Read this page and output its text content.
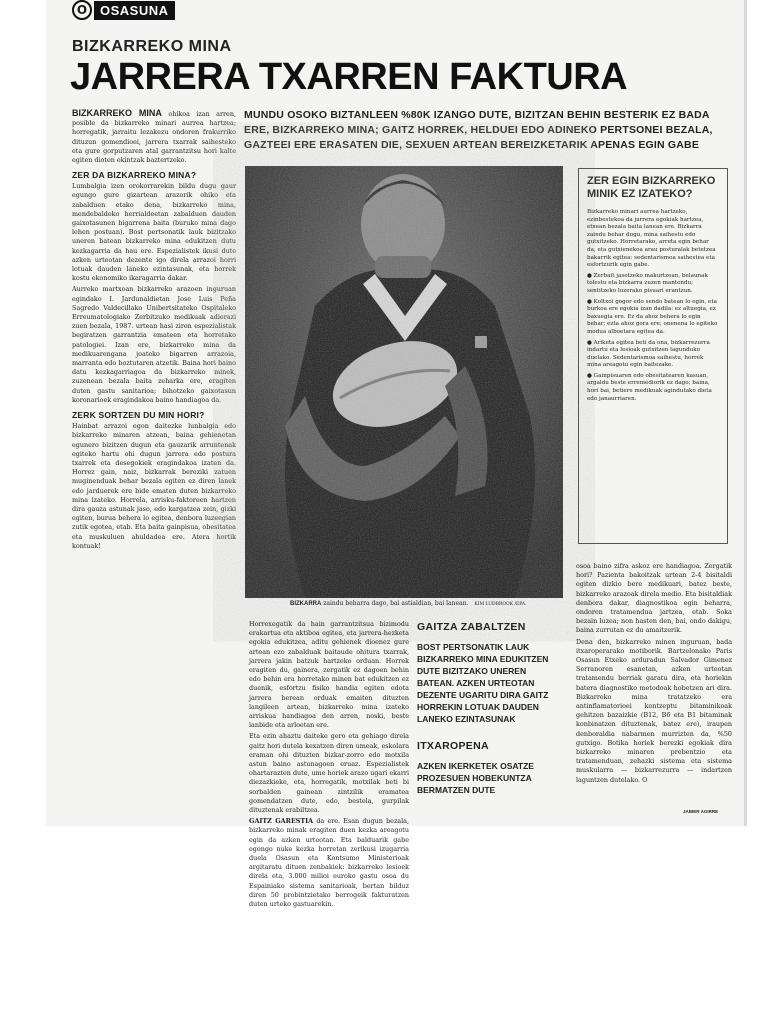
O OSASUNA
BIZKARREKO MINA
JARRERA TXARREN FAKTURA
MUNDU OSOKO BIZTANLEEN %80K IZANGO DUTE, BIZITZAN BEHIN BESTERIK EZ BADA ERE, BIZKARREKO MINA; GAITZ HORREK, HELDUEI EDO ADINEKO PERTSONEI BEZALA, GAZTEEI ERE ERASATEN DIE, SEXUEN ARTEAN BEREIZKETARIK APENAS EGIN GABE

BIZKARREKO MINA ohikoa izan arren, posible da bizkarreko minari aurrea hartzea; horregatik, jarraitu lezakezu ondoren frakurriko dituzun gomendioei, jarrera txarrak saihesteko eta gure gorputzaren atal garrantzitsu hori kalte egiten dioten ekintzak baztertzeko.

ZER DA BIZKARREKO MINA?

Lumbalgia izen orokorrarekin bildu dugu gaur egungo gure gizartean arazorik ohiko eta zabalduen etako dena, bizkarreko mina, mendebaldeko herrialdeetan zabalduen dauden gaixotasunen bigarrena baita (buruko mina dago lehen postuan). Bost pertsonatik lauk bizitzako uneren batean bizkarreko mina edukitzen dutu kezkagarria da hau ere. Espezialistek ikusi dute azken urteotan dezente igo direla arrazoi horri lotuak dauden laneko ezintasunak, eta horrek kostu ekonomiko ikaragarria dakar.

Aurreko martxoan bizkarreko arazoen inguruan egindako I. Jardunaldietan Jose Luis Peña Sagredo Valdecillako Unibertsitateko Ospitaleko Erreumatologiako Zerbitzuko medikuak adierazi zuen bezala, 1987. urtean hasi ziren espezialistak begiratzen garrantzia emateen eta horretako patologiei. Izan ere, bizkarreko mina da medikuarengana joateko bigarren arrazoia, marranta edo boztutaren atzetik. Baina hori baino datu kezkagarriagoa da bizkarreko minek, zuzenean bezala baita zeharka ere, eragiten duten gastu sanitarioa; bihotzeko gaixotasun koronarioek eragindakoa baino handiagoa da.

ZERK SORTZEN DU MIN HORI?

Hainbat arrazoi egon daitezke lunbalgia edo bizkarreko minaren atzean, baina gehienetan egunero bizitzen dugun eta gauzarik arruntenak egiteko hartu ohi dugun jarrera edo postura txarrek eta desegokiek eragindakoa izaten da. Horrez gain, naiz, bizkarrak bereziki zatuen muginenduak behar bezala egiten ez diren lanek edo jarduerek ere bide ematen duten bizkarreko mina izateko. Horrela, arrisku-faktoreen hartzen dira gauza astunak jaso, edo kargatzea zein, gizki egiten, burua behera lo egitea, denbora luzeegian zutik egotea, etab. Eta baita gainpisua, obesitatea eta muskuluen ahuldadea ere. Atera hortik kontuak!

BIZKARRA zaindu beharra dago, bai astialdian, bai lanean. KIM LUDBROOK /EPA
ZER EGIN BIZKARREKO MINIK EZ IZATEKO?
Bizkarreko minari aurrea hartzeko, ezinbestekoa da jarrera egokiak hartzea, etxean bezala baita lanean ere. Bizkarra zaindu behar dugu, mina saihestu edo gutxitzeko. Horretarako, arreta egin behar da, eta gutxienekoa arau posturalak betetzea bakarrik egitea: sedentarismoa saihestea eta esfortzurik egin gabe.
● Zerbait jasotzeko makurtzean, belaunak tolestu eta bizkarra zuzen mantendu; sentitzeko luzerako pisuari erantzun.
● Koltxoi gogor edo sendo batean lo egin, eta burkoa ere egokia izan dadila: ez altuegia, ez baxuegia ere. Ez da ahoz behera lo egin behar; ezta ahoz gora ere; onenena lo egiteko modua alboetara egitea da.
● Ariketa egitea beti da ona, bizkarrezurra indartu eta lesioak gutxitzen lagunduko duelako. Sedentarismoa saihestu, horrek mina areagotu egin baitezake.
● Gainpisuaren edo obesitatearen kasuan, argaldu beste erremediorik ez dago; baina, hori bai, betiere medikuak agindutako dieta edo janaurriaren.

Horrexegatik da hain garrantzitsua bizimodu erakartua eta aktiboa egitea, eta jarrera-hezketa egokia edukitzea, aditu gehienek dioenez gure artean ezo zabalduak baitaude ohitura txarrak, jarrera jakin batzuk hartzeko orduan. Horrek eragiten du, gainera, zergatik ez dagoen behin edo behin era horretako minen bat edukitzen ez duenik, esfortzu fisiko handia egiten edota jarrera berean orduak emaiten dituzten langileen artean, bizkarreko mina izateko arriskua handiagoa den arren, noski, beste lanbide eta arloetan ere.

Eta ezin ahaztu daiteke gero eta gehiago direla gaitz hori dutela kexatzen diren umeak, eskolara eraman ohi dituzten bizkar-zorro edo motxila astun baino astunagoen eruaz. Espezialistek ohartarazten dute, ume horiek arazo ugari ekarri diezazkieke, eta, horregatik, motxilak beti bi sorbalden gainean zintzilik eramatea gomendatzen dute, edo, bestela, gurpilak dituztenak erabiltzea.

GAITZ GARESTIA da ere. Esan dugun bezala, bizkarreko minak eragiten duen kezka areagotu egin da azken urteotan. Eta balduarik gabe egongo nuke kezka horretan zerikusi izugarria duela Osasun eta Kontsumo Ministerioak argitaratu dituen zenbakiek: bizkarreko lesioek direla eta, 3.000 milioi euroko gastu osoa du Espainiako sistema sanitarioak, bertan bilduz diren 50 probintzietako berrogeik fakturatzen duten urteko gastuarekin.

GAITZA ZABALTZEN
BOST PERTSONATIK LAUK BIZKARREKO MINA EDUKITZEN DUTE BIZITZAKO UNEREN BATEAN. AZKEN URTEOTAN DEZENTE UGARITU DIRA GAITZ HORREKIN LOTUAK DAUDEN LANEKO EZINTASUNAK
ITXAROPENA
AZKEN IKERKETEK OSATZE PROZESUEN HOBEKUNTZA BERMATZEN DUTE

osoa baino zifra askoz ere handiagoa. Zergatik hori? Pazienta bakoitzak urtean 2-4 bisitaldi egiten dizkio bere medikuari, batez beste, bizkarreko arazoak direla medio. Eta bisitaldiak denbora dakar, diagnostikoa egin beharra, ondoren tratamendua jartzea, etab. Soka bezain luzea; non hasten den, bai, ondo dakigu, baina zurrutan ez du amaitzerik.

Dena den, bizkarreko minen inguruan, bada itxaroperarako motiborik. Bartzelonako Paris Osasun Etxeko arduradun Salvador Gimenez Serranoren esanetan, azken urteotan tratamendu berriak garatu dira, eta horiekin batera diagnostiko metodoak hobetzen ari dira. Bizkarreko mina tratatzeko era antinflamatorioei kontzeptu bitaminikoak gehitzen bazaizkie (B12, B6 eta B1 bitaminak konbinatzen dituztenak, batez ere), iraupen denboraldia nabarmen murrizten da, %50 gutxigo. Botika horiek berezki egokiak dira bizkarreko minaren prebentzio eta tratamenduan, zehazki sistema eta sistema muskularra — bizkarrezurra — indartzen laguntzen dutelako. O

JABIER AGIRRE
